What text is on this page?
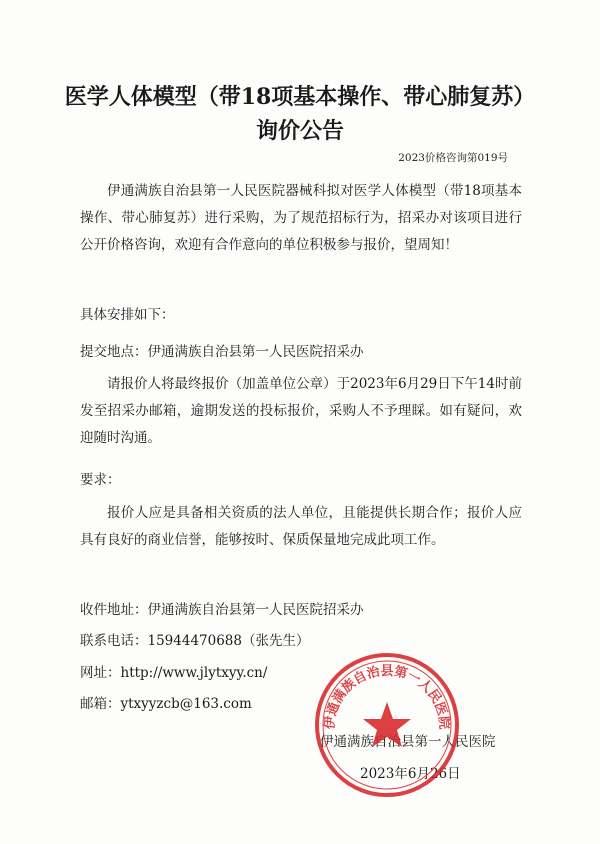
医学人体模型（带18项基本操作、带心肺复苏）询价公告
2023价格咨询第019号

伊通满族自治县第一人民医院器械科拟对医学人体模型（带18项基本操作、带心肺复苏）进行采购，为了规范招标行为，招采办对该项目进行公开价格咨询，欢迎有合作意向的单位积极参与报价，望周知！

具体安排如下：

提交地点：伊通满族自治县第一人民医院招采办

请报价人将最终报价（加盖单位公章）于2023年6月29日下午14时前发至招采办邮箱，逾期发送的投标报价，采购人不予理睬。如有疑问，欢迎随时沟通。

要求：

报价人应是具备相关资质的法人单位，且能提供长期合作；报价人应具有良好的商业信誉，能够按时、保质保量地完成此项工作。

收件地址：伊通满族自治县第一人民医院招采办

联系电话：15944470688（张先生）

网址：http://www.jlytxyy.cn/

邮箱：ytxyyzcb@163.com

伊通满族自治县第一人民医院
2023年6月26日
伊通满族自治县第一人民医院
